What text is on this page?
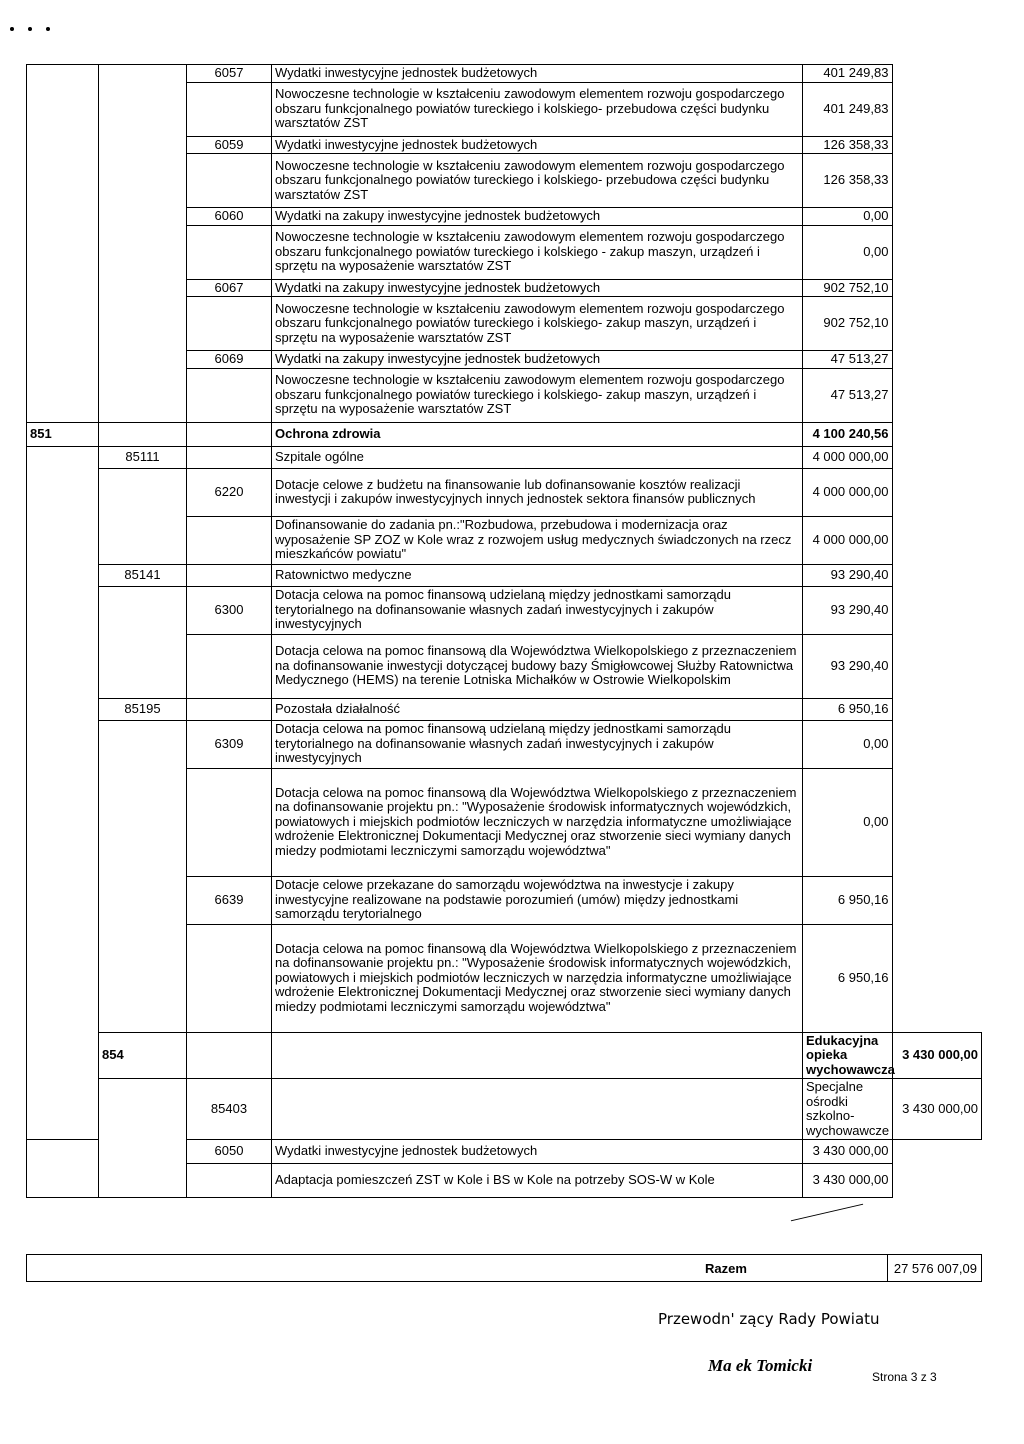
		6057	Wydatki inwestycyjne jednostek budżetowych	401 249,83	
			Nowoczesne technologie w kształceniu zawodowym elementem rozwoju gospodarczego obszaru funkcjonalnego powiatów tureckiego i kolskiego- przebudowa części budynku warsztatów ZST	401 249,83	
		6059	Wydatki inwestycyjne jednostek budżetowych	126 358,33	
			Nowoczesne technologie w kształceniu zawodowym elementem rozwoju gospodarczego obszaru funkcjonalnego powiatów tureckiego i kolskiego- przebudowa części budynku warsztatów ZST	126 358,33	
		6060	Wydatki na zakupy inwestycyjne jednostek budżetowych	0,00	
			Nowoczesne technologie w kształceniu zawodowym elementem rozwoju gospodarczego obszaru funkcjonalnego powiatów tureckiego i kolskiego - zakup maszyn, urządzeń i sprzętu na wyposażenie warsztatów ZST	0,00	
		6067	Wydatki na zakupy inwestycyjne jednostek budżetowych	902 752,10	
			Nowoczesne technologie w kształceniu zawodowym elementem rozwoju gospodarczego obszaru funkcjonalnego powiatów tureckiego i kolskiego- zakup maszyn, urządzeń i sprzętu na wyposażenie warsztatów ZST	902 752,10	
		6069	Wydatki na zakupy inwestycyjne jednostek budżetowych	47 513,27	
			Nowoczesne technologie w kształceniu zawodowym elementem rozwoju gospodarczego obszaru funkcjonalnego powiatów tureckiego i kolskiego- zakup maszyn, urządzeń i sprzętu na wyposażenie warsztatów ZST	47 513,27	
851			Ochrona zdrowia	4 100 240,56	
	85111		Szpitale ogólne	4 000 000,00	
		6220	Dotacje celowe z budżetu na finansowanie lub dofinansowanie kosztów realizacji inwestycji i zakupów inwestycyjnych innych jednostek sektora finansów publicznych	4 000 000,00	
			Dofinansowanie do zadania pn.:"Rozbudowa, przebudowa i modernizacja oraz wyposażenie SP ZOZ w Kole wraz z rozwojem usług medycznych świadczonych na rzecz mieszkańców powiatu"	4 000 000,00	
	85141		Ratownictwo medyczne	93 290,40	
		6300	Dotacja celowa na pomoc finansową udzielaną między jednostkami samorządu terytorialnego na dofinansowanie własnych zadań inwestycyjnych i zakupów inwestycyjnych	93 290,40	
			Dotacja celowa na pomoc finansową dla Województwa Wielkopolskiego z przeznaczeniem na dofinansowanie inwestycji dotyczącej budowy bazy Śmigłowcowej Służby Ratownictwa Medycznego (HEMS) na terenie Lotniska Michałków w Ostrowie Wielkopolskim	93 290,40	
	85195		Pozostała działalność	6 950,16	
		6309	Dotacja celowa na pomoc finansową udzielaną między jednostkami samorządu terytorialnego na dofinansowanie własnych zadań inwestycyjnych i zakupów inwestycyjnych	0,00	
			Dotacja celowa na pomoc finansową dla Województwa Wielkopolskiego z przeznaczeniem na dofinansowanie projektu pn.: "Wyposażenie środowisk informatycznych wojewódzkich, powiatowych i miejskich podmiotów leczniczych w narzędzia informatyczne umożliwiające wdrożenie Elektronicznej Dokumentacji Medycznej oraz stworzenie sieci wymiany danych miedzy podmiotami leczniczymi samorządu województwa"	0,00	
		6639	Dotacje celowe przekazane do samorządu województwa na inwestycje i zakupy inwestycyjne realizowane na podstawie porozumień (umów) między jednostkami samorządu terytorialnego	6 950,16	
			Dotacja celowa na pomoc finansową dla Województwa Wielkopolskiego z przeznaczeniem na dofinansowanie projektu pn.: "Wyposażenie środowisk informatycznych wojewódzkich, powiatowych i miejskich podmiotów leczniczych w narzędzia informatyczne umożliwiające wdrożenie Elektronicznej Dokumentacji Medycznej oraz stworzenie sieci wymiany danych miedzy podmiotami leczniczymi samorządu województwa"	6 950,16	
	854			Edukacyjna opieka wychowawcza	3 430 000,00
		85403		Specjalne ośrodki szkolno-wychowawcze	3 430 000,00
		6050	Wydatki inwestycyjne jednostek budżetowych	3 430 000,00	
			Adaptacja pomieszczeń ZST w Kole i BS w Kole na potrzeby SOS-W w Kole	3 430 000,00	
Razem	27 576 007,09
Przewodn' zący Rady Powiatu
Ma ek Tomicki
Strona 3 z 3
